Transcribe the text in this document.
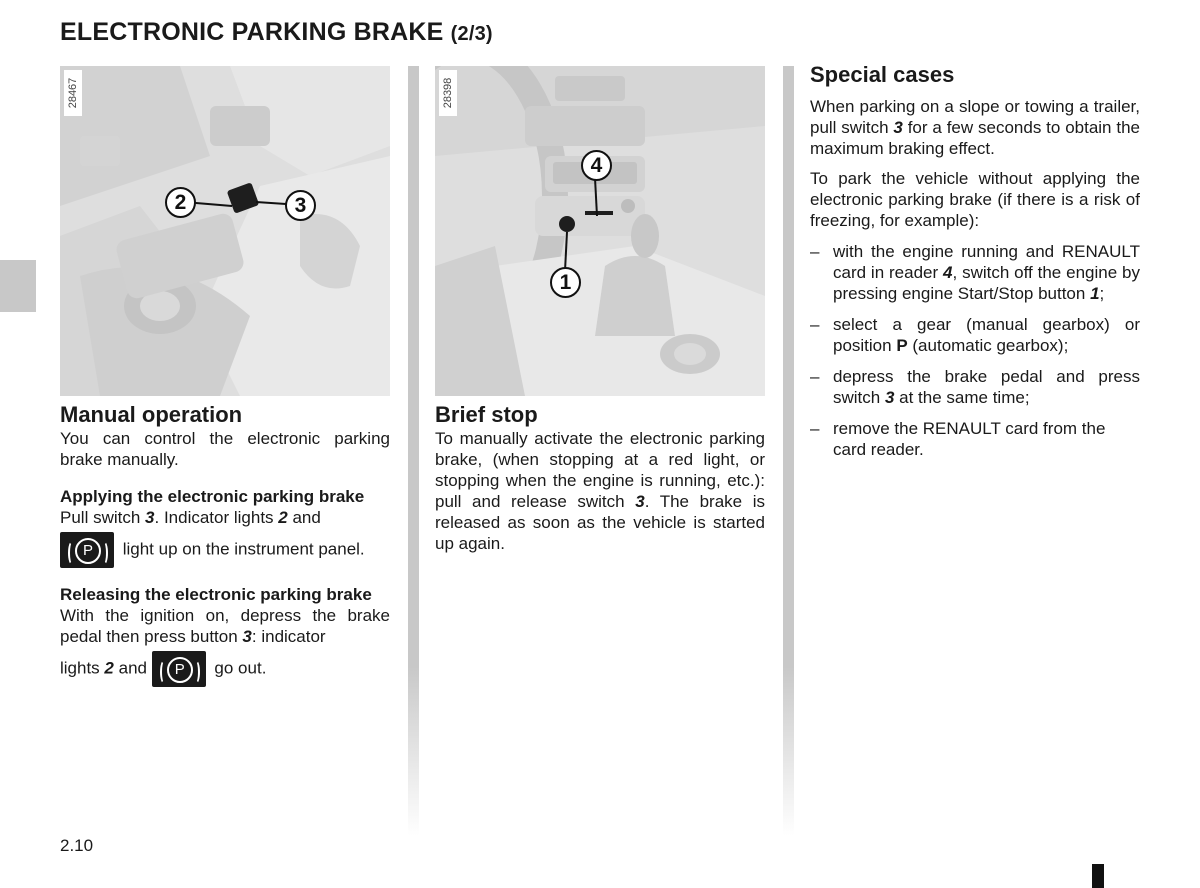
ELECTRONIC PARKING BRAKE (2/3)
28467
2	3
28398
4
1
Manual operation

You can control the electronic parking brake manually.

Applying the electronic parking brake

Pull switch 3. Indicator lights 2 and

P	light up on the instrument panel.

Releasing the electronic parking brake

With the ignition on, depress the brake pedal then press button 3: indicator

lights 2 and	P	go out.

Brief stop

To manually activate the electronic parking brake, (when stopping at a red light, or stopping when the engine is running, etc.): pull and release switch 3. The brake is released as soon as the vehicle is started up again.

Special cases

When parking on a slope or towing a trailer, pull switch 3 for a few seconds to obtain the maximum braking effect.

To park the vehicle without applying the electronic parking brake (if there is a risk of freezing, for example):

– with the engine running and RENAULT card in reader 4, switch off the engine by pressing engine Start/Stop button 1;
– select a gear (manual gearbox) or position P (automatic gearbox);
– depress the brake pedal and press switch 3 at the same time;
– remove the RENAULT card from the card reader.
2.10
